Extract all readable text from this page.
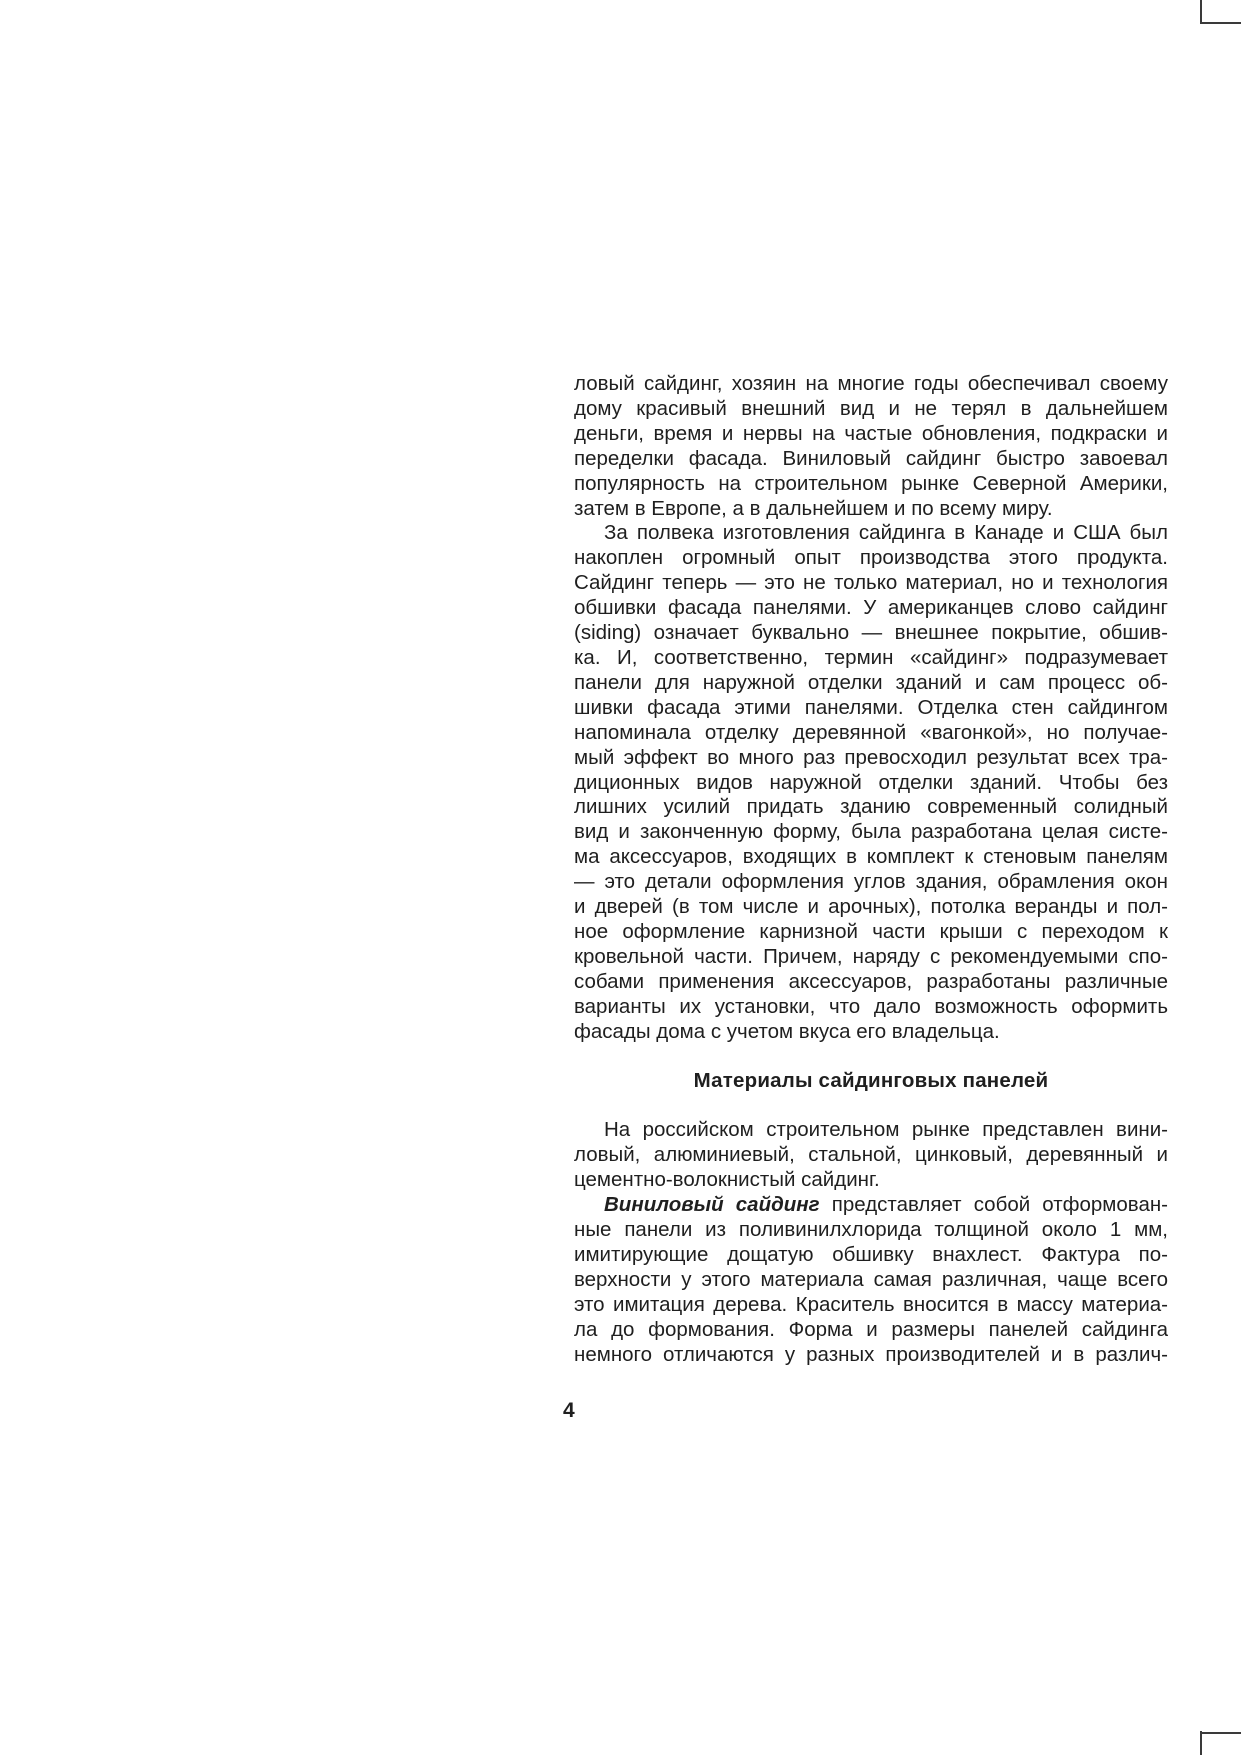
ловый сайдинг, хозяин на многие годы обеспечивал своему
дому красивый внешний вид и не терял в дальнейшем
деньги, время и нервы на частые обновления, подкраски и
переделки фасада. Виниловый сайдинг быстро завоевал
популярность на строительном рынке Северной Америки,
затем в Европе, а в дальнейшем и по всему миру.

За полвека изготовления сайдинга в Канаде и США был
накоплен огромный опыт производства этого продукта.
Сайдинг теперь — это не только материал, но и технология
обшивки фасада панелями. У американцев слово сайдинг
(siding) означает буквально — внешнее покрытие, обшив-
ка. И, соответственно, термин «сайдинг» подразумевает
панели для наружной отделки зданий и сам процесс об-
шивки фасада этими панелями. Отделка стен сайдингом
напоминала отделку деревянной «вагонкой», но получае-
мый эффект во много раз превосходил результат всех тра-
диционных видов наружной отделки зданий. Чтобы без
лишних усилий придать зданию современный солидный
вид и законченную форму, была разработана целая систе-
ма аксессуаров, входящих в комплект к стеновым панелям
— это детали оформления углов здания, обрамления окон
и дверей (в том числе и арочных), потолка веранды и пол-
ное оформление карнизной части крыши с переходом к
кровельной части. Причем, наряду с рекомендуемыми спо-
собами применения аксессуаров, разработаны различные
варианты их установки, что дало возможность оформить
фасады дома с учетом вкуса его владельца.

Материалы сайдинговых панелей

На российском строительном рынке представлен вини-
ловый, алюминиевый, стальной, цинковый, деревянный и
цементно-волокнистый сайдинг.

Виниловый сайдинг представляет собой отформован-
ные панели из поливинилхлорида толщиной около 1 мм,
имитирующие дощатую обшивку внахлест. Фактура по-
верхности у этого материала самая различная, чаще всего
это имитация дерева. Краситель вносится в массу материа-
ла до формования. Форма и размеры панелей сайдинга
немного отличаются у разных производителей и в различ-

4
